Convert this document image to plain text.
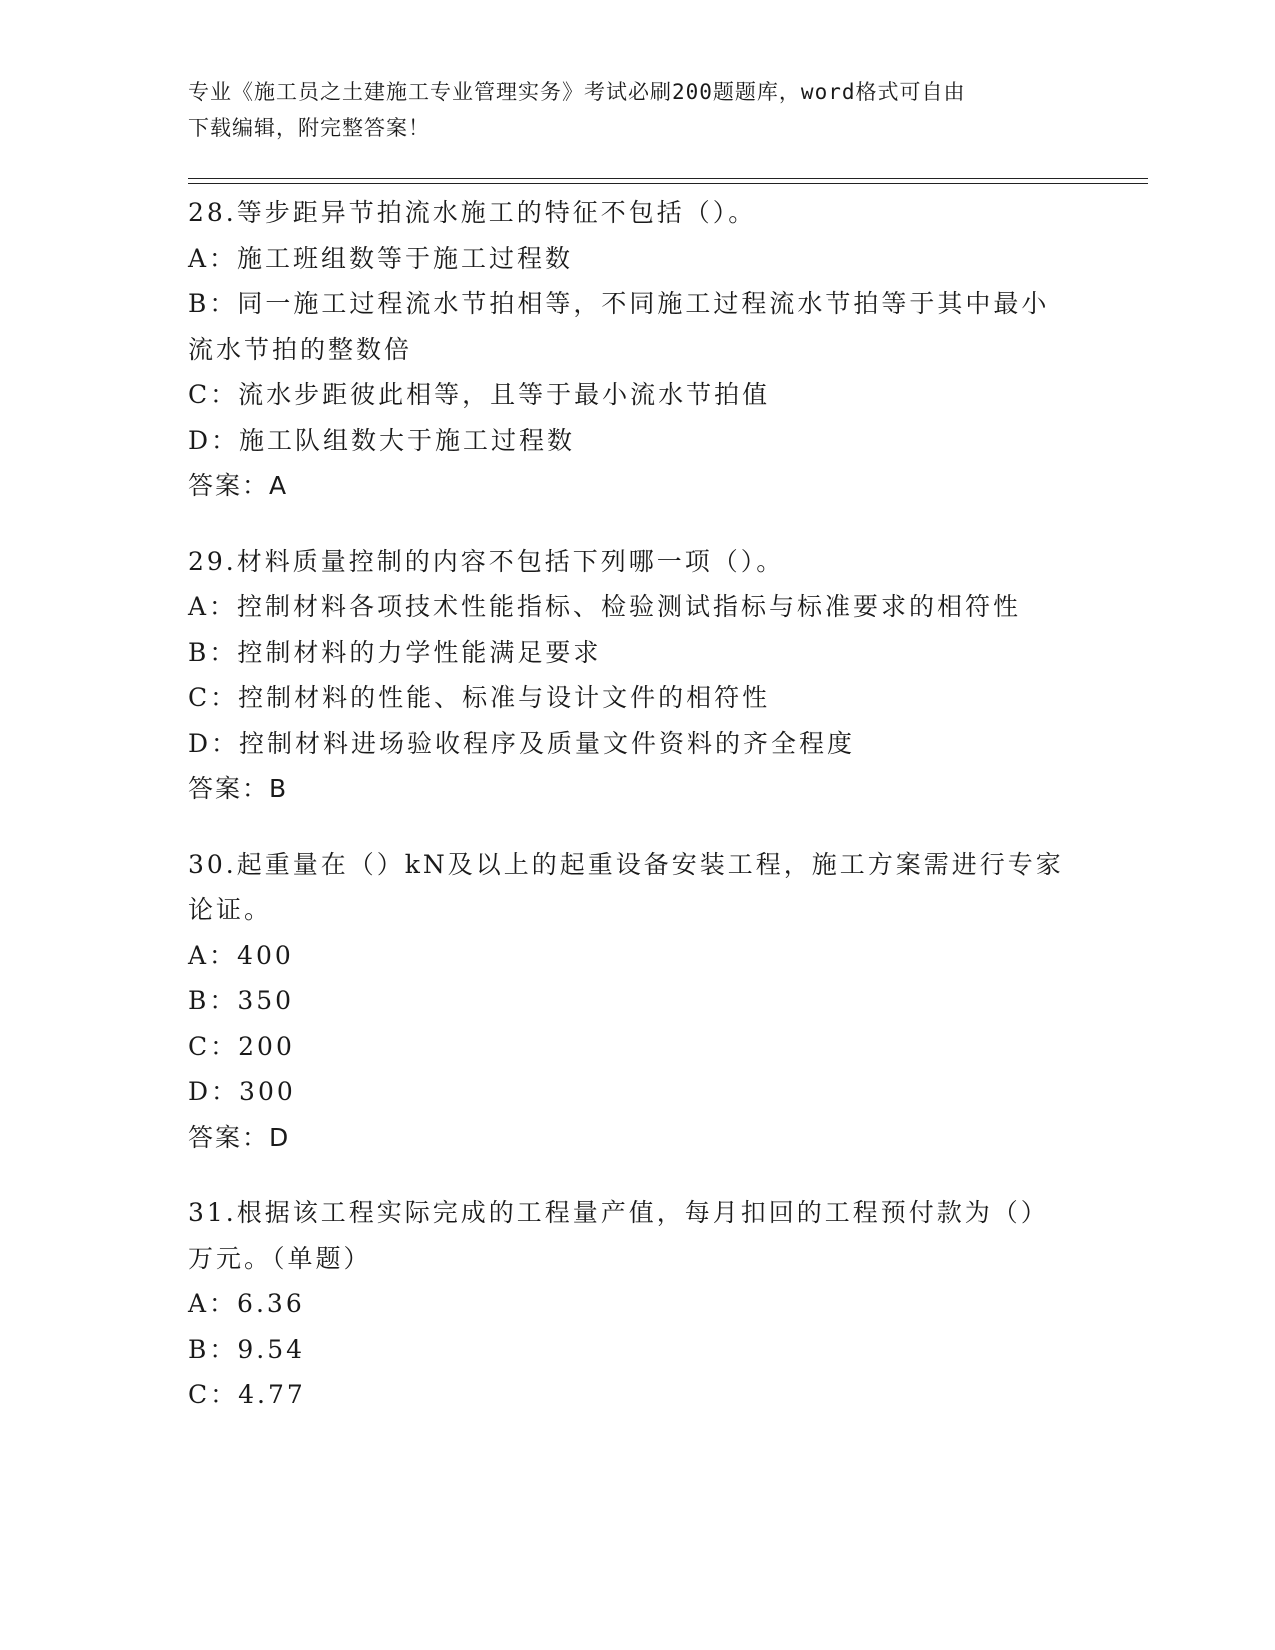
专业《施工员之土建施工专业管理实务》考试必刷200题题库，word格式可自由
下载编辑，附完整答案！
28.等步距异节拍流水施工的特征不包括（）。
A：施工班组数等于施工过程数
B：同一施工过程流水节拍相等，不同施工过程流水节拍等于其中最小
流水节拍的整数倍
C：流水步距彼此相等，且等于最小流水节拍值
D：施工队组数大于施工过程数
答案：A
29.材料质量控制的内容不包括下列哪一项（）。
A：控制材料各项技术性能指标、检验测试指标与标准要求的相符性
B：控制材料的力学性能满足要求
C：控制材料的性能、标准与设计文件的相符性
D：控制材料进场验收程序及质量文件资料的齐全程度
答案：B
30.起重量在（）kN及以上的起重设备安装工程，施工方案需进行专家
论证。
A：400
B：350
C：200
D：300
答案：D
31.根据该工程实际完成的工程量产值，每月扣回的工程预付款为（）
万元。（单题）
A：6.36
B：9.54
C：4.77
